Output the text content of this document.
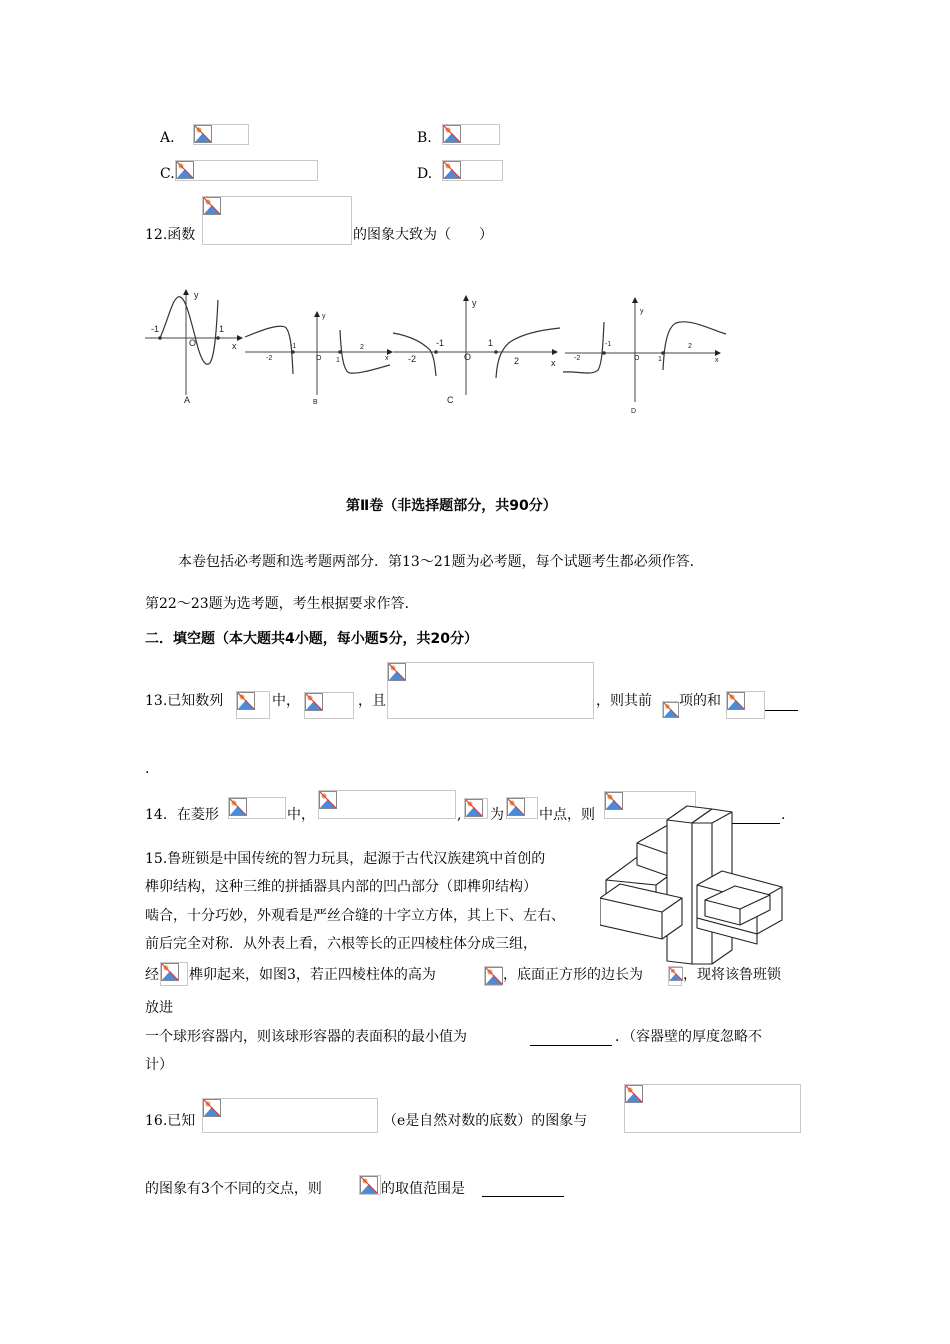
A.	B.
C.	D.
12.函数	的图象大致为（　　）
-1	1
O
y
x
A
-2
-1
O 1
2
y
x
B
-2
-1
O
1
2
y
x
C
-2
-1
O	1
2
y
x
D
第Ⅱ卷（非选择题部分，共90分）
本卷包括必考题和选考题两部分．第13～21题为必考题，每个试题考生都必须作答．
第22～23题为选考题，考生根据要求作答．
二．填空题（本大题共4小题，每小题5分，共20分）
13.已知数列	中，	，且	，则其前 项的和
.
14．在菱形	中，	, 为	中点，则	.
15.鲁班锁是中国传统的智力玩具，起源于古代汉族建筑中首创的
榫卯结构，这种三维的拼插器具内部的凹凸部分（即榫卯结构）
啮合，十分巧妙，外观看是严丝合缝的十字立方体，其上下、左右、
前后完全对称．从外表上看，六根等长的正四棱柱体分成三组，
经 榫卯起来，如图3，若正四棱柱体的高为	，底面正方形的边长为	，现将该鲁班锁
放进
一个球形容器内，则该球形容器的表面积的最小值为	．（容器壁的厚度忽略不
计）
16.已知	（e是自然对数的底数）的图象与
的图象有3个不同的交点，则	的取值范围是
